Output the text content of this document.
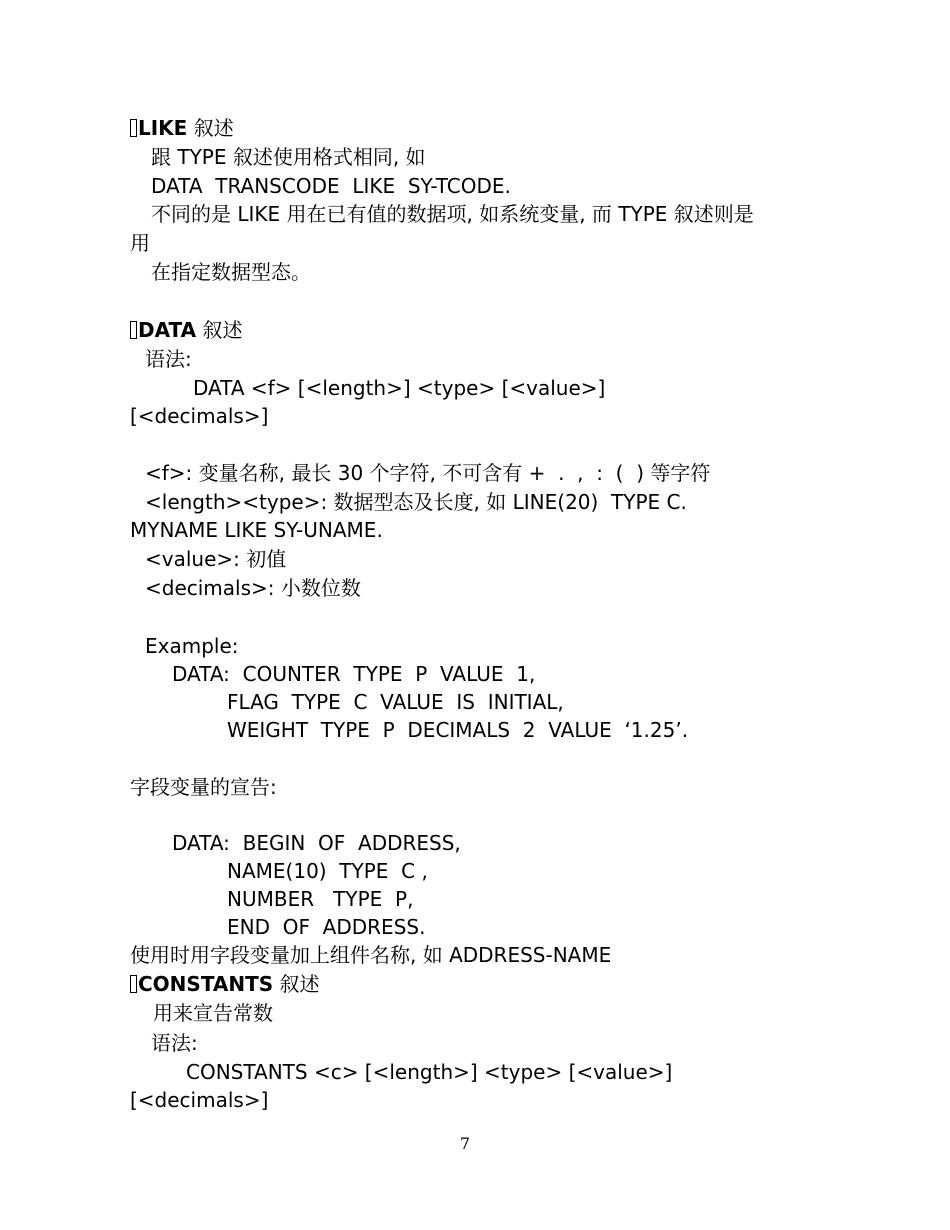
LIKE 叙述
跟 TYPE 叙述使用格式相同, 如
DATA  TRANSCODE  LIKE  SY-TCODE.
不同的是 LIKE 用在已有值的数据项, 如系统变量, 而 TYPE 叙述则是
用
在指定数据型态。
DATA 叙述
语法:
DATA <f> [<length>] <type> [<value>]
[<decimals>]
<f>: 变量名称, 最长 30 个字符, 不可含有 +  .  ,  :  (  ) 等字符
<length><type>: 数据型态及长度, 如 LINE(20)  TYPE C.
MYNAME LIKE SY-UNAME.
<value>: 初值
<decimals>: 小数位数
Example:
DATA:  COUNTER  TYPE  P  VALUE  1,
FLAG  TYPE  C  VALUE  IS  INITIAL,
WEIGHT  TYPE  P  DECIMALS  2  VALUE  ‘1.25’.
字段变量的宣告:
DATA:  BEGIN  OF  ADDRESS,
NAME(10)  TYPE  C ,
NUMBER   TYPE  P,
END  OF  ADDRESS.
使用时用字段变量加上组件名称, 如 ADDRESS-NAME
CONSTANTS 叙述
用来宣告常数
语法:
CONSTANTS <c> [<length>] <type> [<value>]
[<decimals>]
7
